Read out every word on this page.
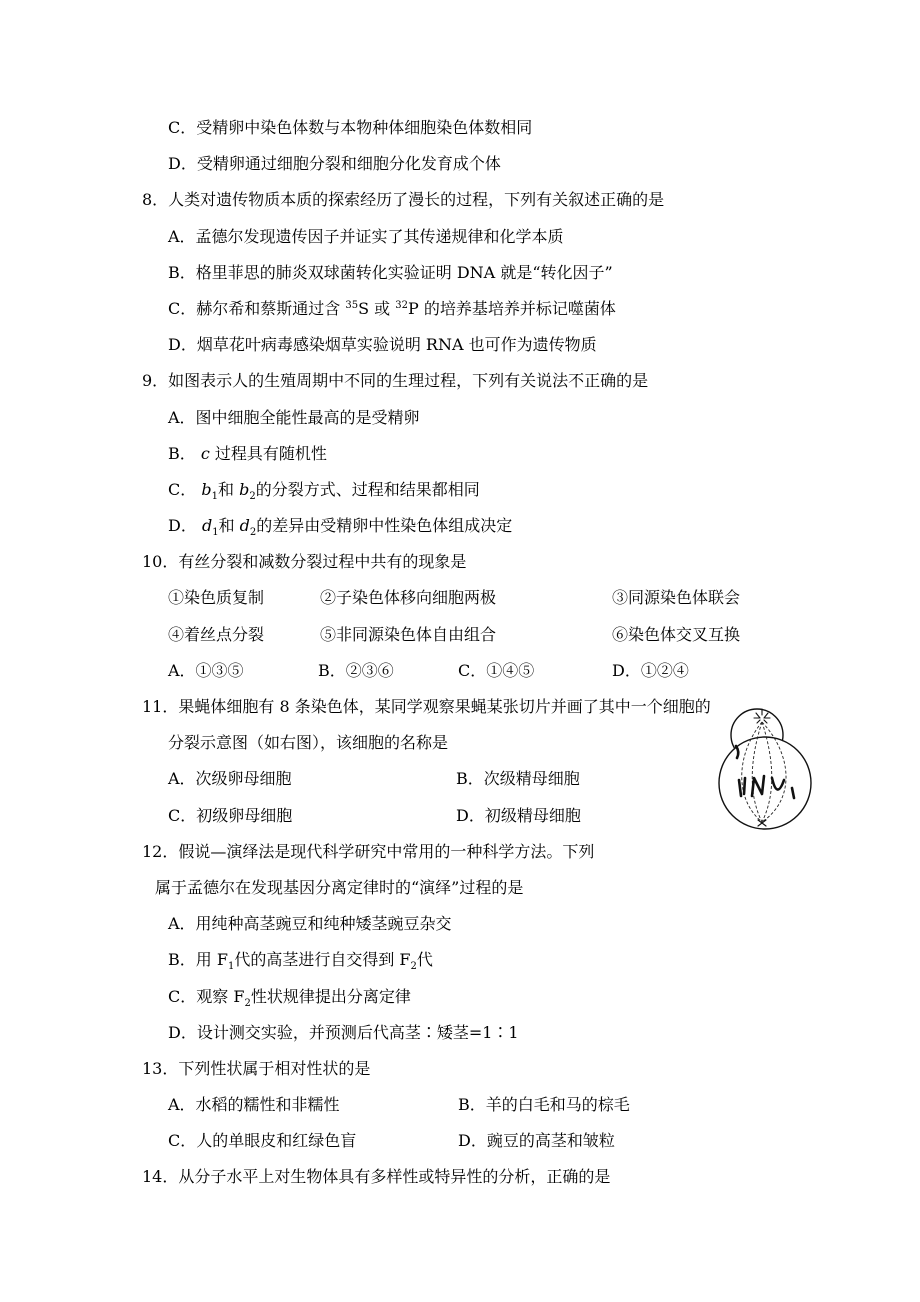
C．受精卵中染色体数与本物种体细胞染色体数相同
D．受精卵通过细胞分裂和细胞分化发育成个体
8．人类对遗传物质本质的探索经历了漫长的过程，下列有关叙述正确的是
A．孟德尔发现遗传因子并证实了其传递规律和化学本质
B．格里菲思的肺炎双球菌转化实验证明 DNA 就是“转化因子”
C．赫尔希和蔡斯通过含 $^{35}$S 或 $^{32}$P 的培养基培养并标记噬菌体
D．烟草花叶病毒感染烟草实验说明 RNA 也可作为遗传物质
9．如图表示人的生殖周期中不同的生理过程，下列有关说法不正确的是
A．图中细胞全能性最高的是受精卵
B． c 过程具有随机性
C． $b_1$和 $b_2$的分裂方式、过程和结果都相同
D． $d_1$和 $d_2$的差异由受精卵中性染色体组成决定
10．有丝分裂和减数分裂过程中共有的现象是
①染色质复制	②子染色体移向细胞两极	③同源染色体联会
④着丝点分裂	⑤非同源染色体自由组合	⑥染色体交叉互换
A．①③⑤	B．②③⑥	C．①④⑤	D．①②④
11．果蝇体细胞有 8 条染色体，某同学观察果蝇某张切片并画了其中一个细胞的
分裂示意图（如右图），该细胞的名称是
A．次级卵母细胞	B．次级精母细胞
C．初级卵母细胞	D．初级精母细胞
12．假说—演绎法是现代科学研究中常用的一种科学方法。下列
属于孟德尔在发现基因分离定律时的“演绎”过程的是
A．用纯种高茎豌豆和纯种矮茎豌豆杂交
B．用 $F_1$代的高茎进行自交得到 $F_2$代
C．观察 $F_2$性状规律提出分离定律
D．设计测交实验，并预测后代高茎∶矮茎=1∶1
13．下列性状属于相对性状的是
A．水稻的糯性和非糯性	B．羊的白毛和马的棕毛
C．人的单眼皮和红绿色盲	D．豌豆的高茎和皱粒
14．从分子水平上对生物体具有多样性或特异性的分析，正确的是
